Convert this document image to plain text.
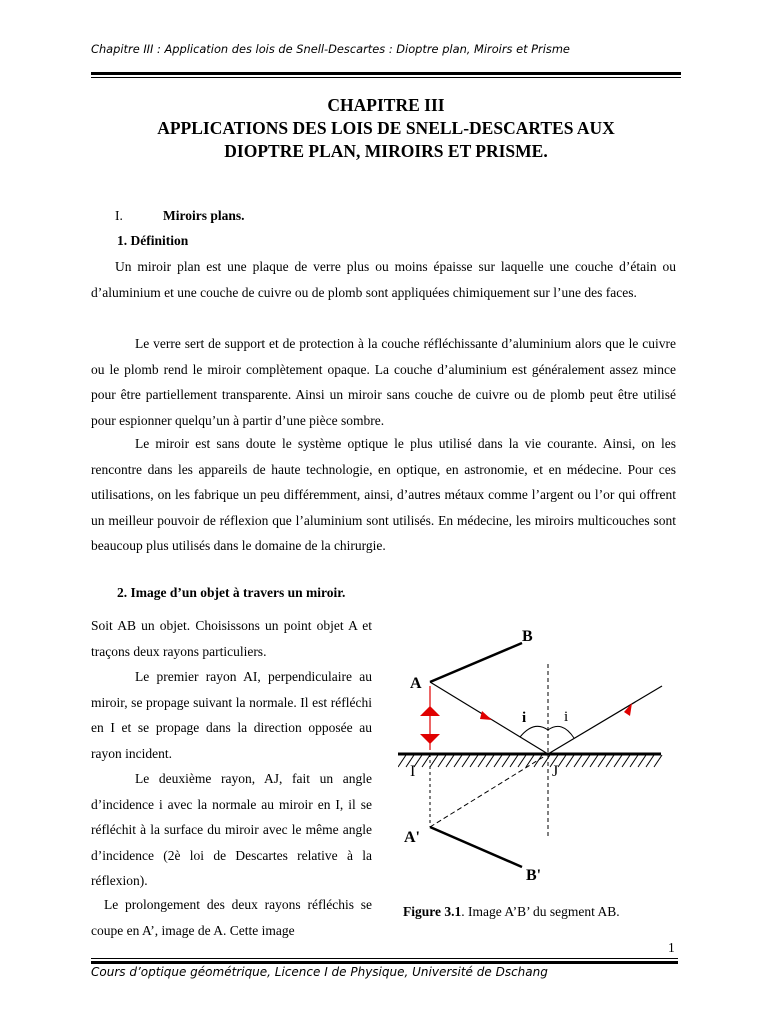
Chapitre III : Application des lois de Snell-Descartes : Dioptre plan, Miroirs et Prisme
CHAPITRE III
APPLICATIONS DES LOIS DE SNELL-DESCARTES AUX
DIOPTRE PLAN, MIROIRS ET PRISME.
I.	Miroirs plans.
1. Définition

Un miroir plan est une plaque de verre plus ou moins épaisse sur laquelle une couche d’étain ou d’aluminium et une couche de cuivre ou de plomb sont appliquées chimiquement sur l’une des faces.

Le verre sert de support et de protection à la couche réfléchissante d’aluminium alors que le cuivre ou le plomb rend le miroir complètement opaque. La couche d’aluminium est généralement assez mince pour être partiellement transparente. Ainsi un miroir sans couche de cuivre ou de plomb peut être utilisé pour espionner quelqu’un à partir d’une pièce sombre.

Le miroir est sans doute le système optique le plus utilisé dans la vie courante. Ainsi, on les rencontre dans les appareils de haute technologie, en optique, en astronomie, et en médecine. Pour ces utilisations, on les fabrique un peu différemment, ainsi, d’autres métaux comme l’argent ou l’or qui offrent un meilleur pouvoir de réflexion que l’aluminium sont utilisés. En médecine, les miroirs multicouches sont beaucoup plus utilisés dans le domaine de la chirurgie.

2. Image d’un objet à travers un miroir.

Soit AB un objet. Choisissons un point objet A et traçons deux rayons particuliers.

Le premier rayon AI, perpendiculaire au miroir, se propage suivant la normale. Il est réfléchi en I et se propage dans la direction opposée au rayon incident.

Le deuxième rayon, AJ, fait un angle d’incidence i avec la normale au miroir en I, il se réfléchit à la surface du miroir avec le même angle d’incidence (2è loi de Descartes relative à la réflexion).

Le prolongement des deux rayons réfléchis se coupe en A’, image de A. Cette image

B
A
i	i
I	J
A'
B'
Figure 3.1. Image A’B’ du segment AB.
1
Cours d’optique géométrique, Licence I de Physique, Université de Dschang
